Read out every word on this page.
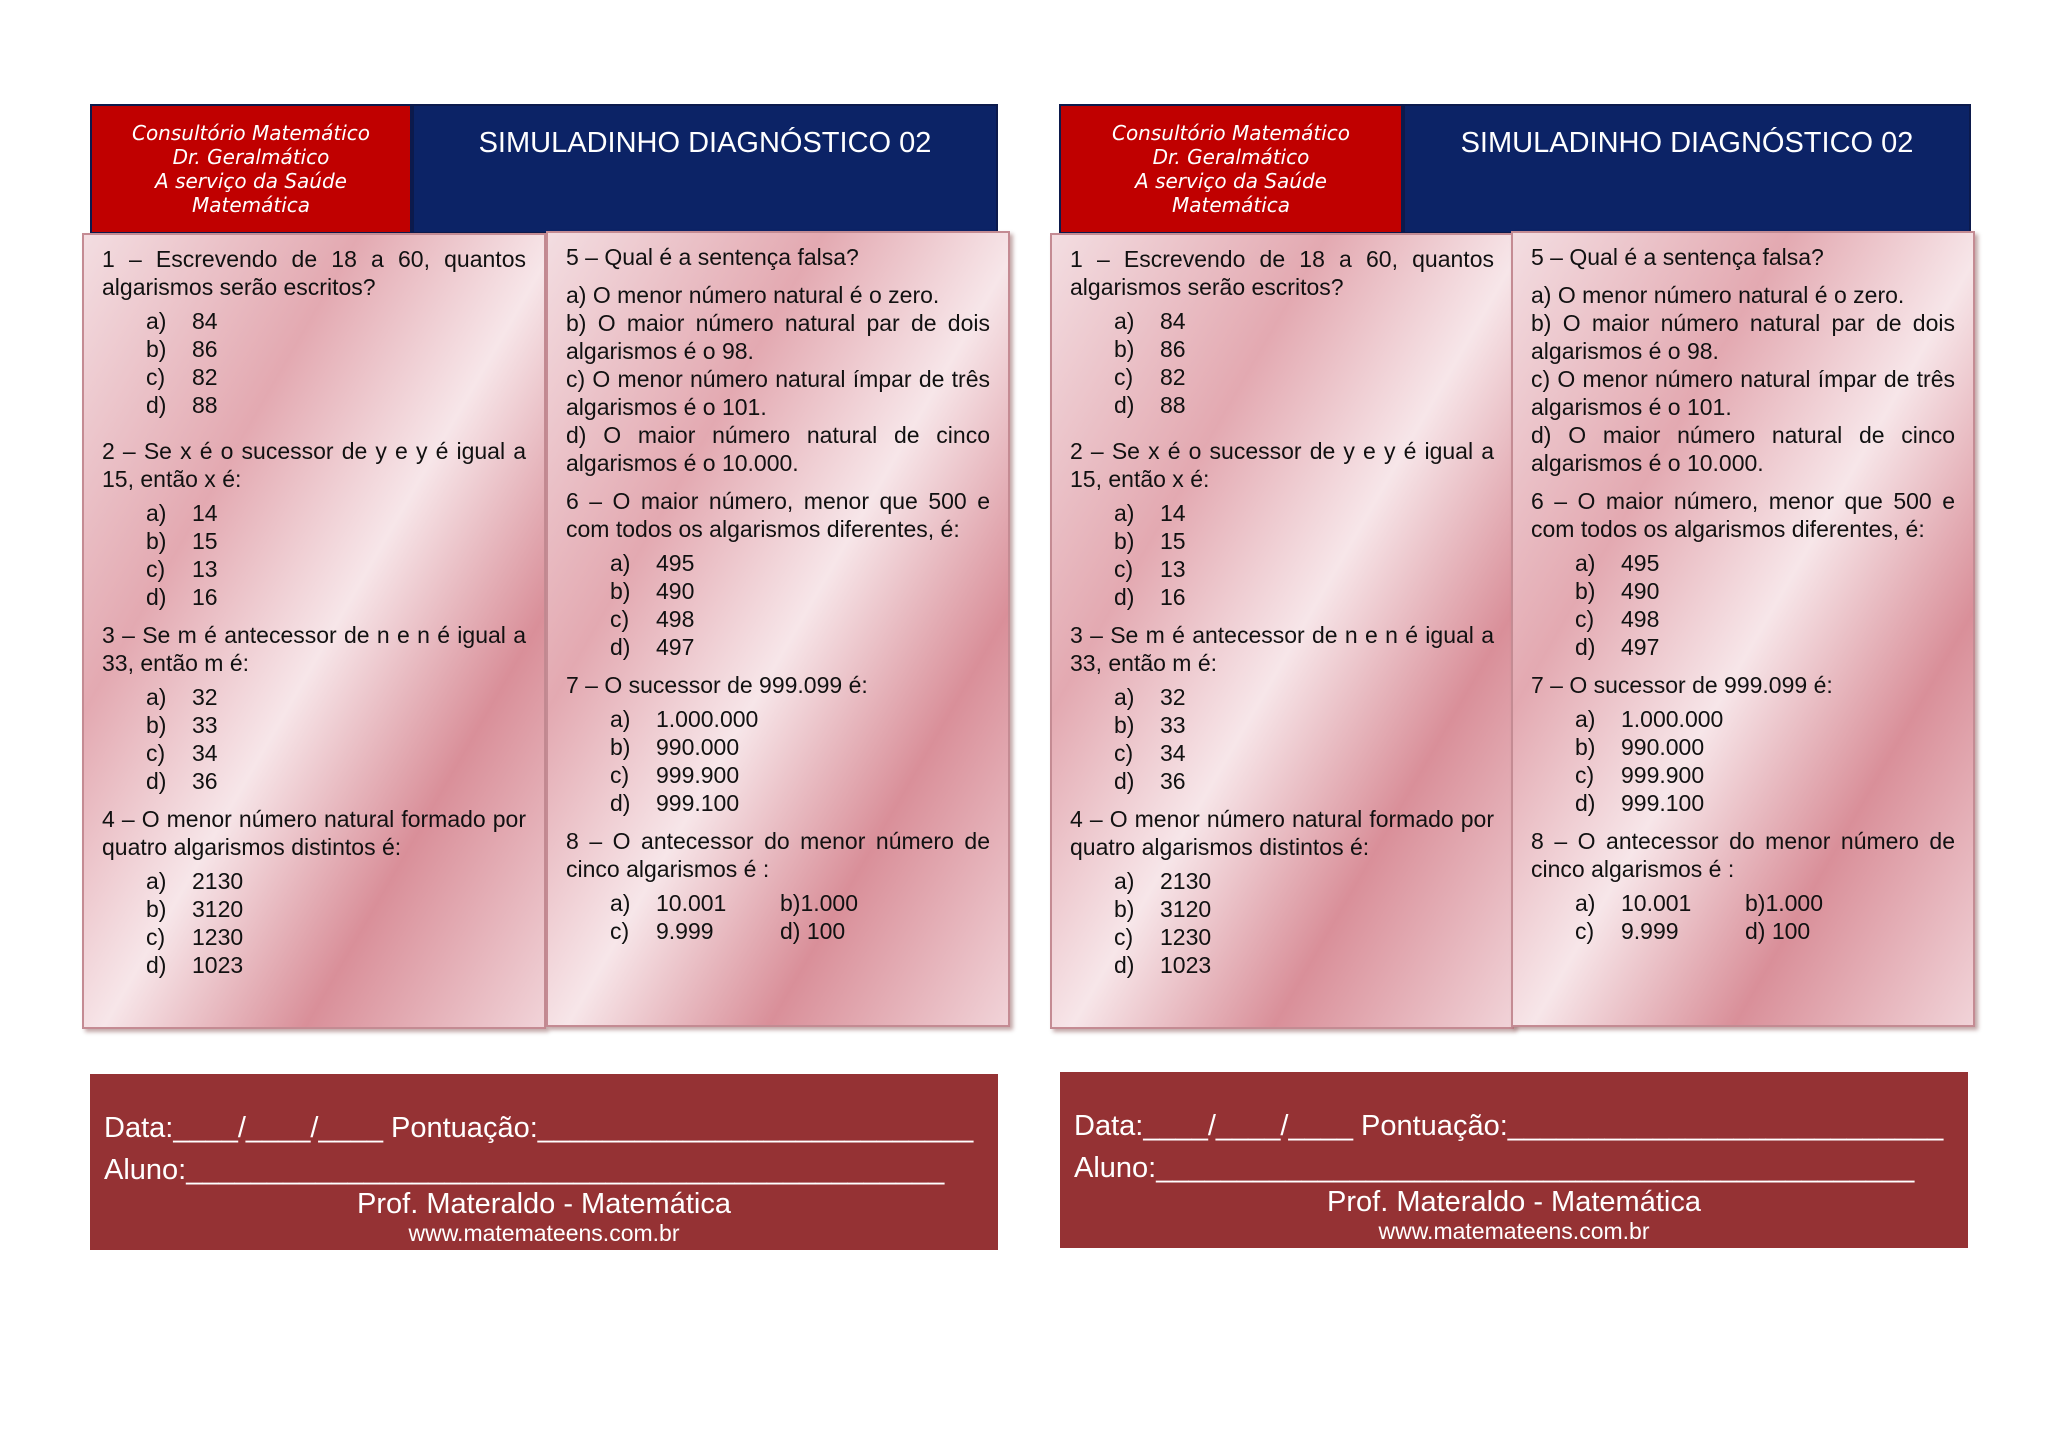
Consultório Matemático
Dr. Geralmático
A serviço da Saúde
Matemática
SIMULADINHO DIAGNÓSTICO 02

1 – Escrevendo de 18 a 60, quantos algarismos serão escritos?

a)	84
b)	86
c)	82
d)	88

2 – Se x é o sucessor de y e y é igual a 15, então x é:

a)	14
b)	15
c)	13
d)	16

3 – Se m é antecessor de n e n é igual a 33, então m é:

a)	32
b)	33
c)	34
d)	36

4 – O menor número natural formado por quatro algarismos distintos é:

a)	2130
b)	3120
c)	1230
d)	1023

5 – Qual é a sentença falsa?

a) O menor número natural é o zero.

b) O maior número natural par de dois algarismos é o 98.

c) O menor número natural ímpar de três algarismos é o 101.

d) O maior número natural de cinco algarismos é o 10.000.

6 – O maior número, menor que 500 e com todos os algarismos diferentes, é:

a)	495
b)	490
c)	498
d)	497

7 – O sucessor de 999.099 é:

a)	1.000.000
b)	990.000
c)	999.900
d)	999.100

8 – O antecessor do menor número de cinco algarismos é :

a)	10.001 b)1.000
c)	9.999	d) 100
Data:____/____/____ Pontuação:___________________________
Aluno:_______________________________________________
Prof. Materaldo - Matemática
www.matemateens.com.br
Consultório Matemático
Dr. Geralmático
A serviço da Saúde
Matemática
SIMULADINHO DIAGNÓSTICO 02

1 – Escrevendo de 18 a 60, quantos algarismos serão escritos?

a)	84
b)	86
c)	82
d)	88

2 – Se x é o sucessor de y e y é igual a 15, então x é:

a)	14
b)	15
c)	13
d)	16

3 – Se m é antecessor de n e n é igual a 33, então m é:

a)	32
b)	33
c)	34
d)	36

4 – O menor número natural formado por quatro algarismos distintos é:

a)	2130
b)	3120
c)	1230
d)	1023

5 – Qual é a sentença falsa?

a) O menor número natural é o zero.

b) O maior número natural par de dois algarismos é o 98.

c) O menor número natural ímpar de três algarismos é o 101.

d) O maior número natural de cinco algarismos é o 10.000.

6 – O maior número, menor que 500 e com todos os algarismos diferentes, é:

a)	495
b)	490
c)	498
d)	497

7 – O sucessor de 999.099 é:

a)	1.000.000
b)	990.000
c)	999.900
d)	999.100

8 – O antecessor do menor número de cinco algarismos é :

a)	10.001 b)1.000
c)	9.999	d) 100
Data:____/____/____ Pontuação:___________________________
Aluno:_______________________________________________
Prof. Materaldo - Matemática
www.matemateens.com.br
